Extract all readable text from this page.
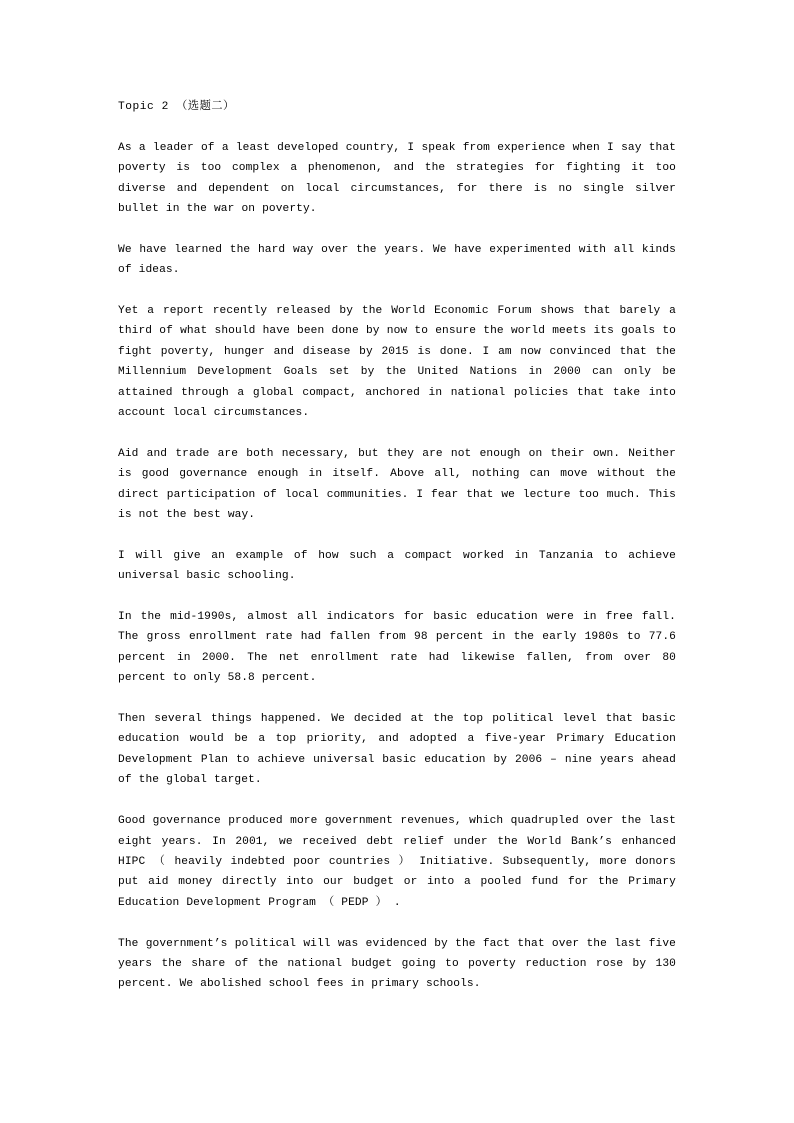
Topic 2 （选题二）

As a leader of a least developed country, I speak from experience when I say that poverty is too complex a phenomenon, and the strategies for fighting it too diverse and dependent on local circumstances, for there is no single silver bullet in the war on poverty.

We have learned the hard way over the years. We have experimented with all kinds of ideas.

Yet a report recently released by the World Economic Forum shows that barely a third of what should have been done by now to ensure the world meets its goals to fight poverty, hunger and disease by 2015 is done. I am now convinced that the Millennium Development Goals set by the United Nations in 2000 can only be attained through a global compact, anchored in national policies that take into account local circumstances.

Aid and trade are both necessary, but they are not enough on their own. Neither is good governance enough in itself. Above all, nothing can move without the direct participation of local communities. I fear that we lecture too much. This is not the best way.

I will give an example of how such a compact worked in Tanzania to achieve universal basic schooling.

In the mid-1990s, almost all indicators for basic education were in free fall. The gross enrollment rate had fallen from 98 percent in the early 1980s to 77.6 percent in 2000. The net enrollment rate had likewise fallen, from over 80 percent to only 58.8 percent.

Then several things happened. We decided at the top political level that basic education would be a top priority, and adopted a five-year Primary Education Development Plan to achieve universal basic education by 2006 – nine years ahead of the global target.

Good governance produced more government revenues, which quadrupled over the last eight years. In 2001, we received debt relief under the World Bank’s enhanced HIPC （ heavily indebted poor countries ） Initiative. Subsequently, more donors put aid money directly into our budget or into a pooled fund for the Primary Education Development Program （ PEDP ） .

The government’s political will was evidenced by the fact that over the last five years the share of the national budget going to poverty reduction rose by 130 percent. We abolished school fees in primary schools.
